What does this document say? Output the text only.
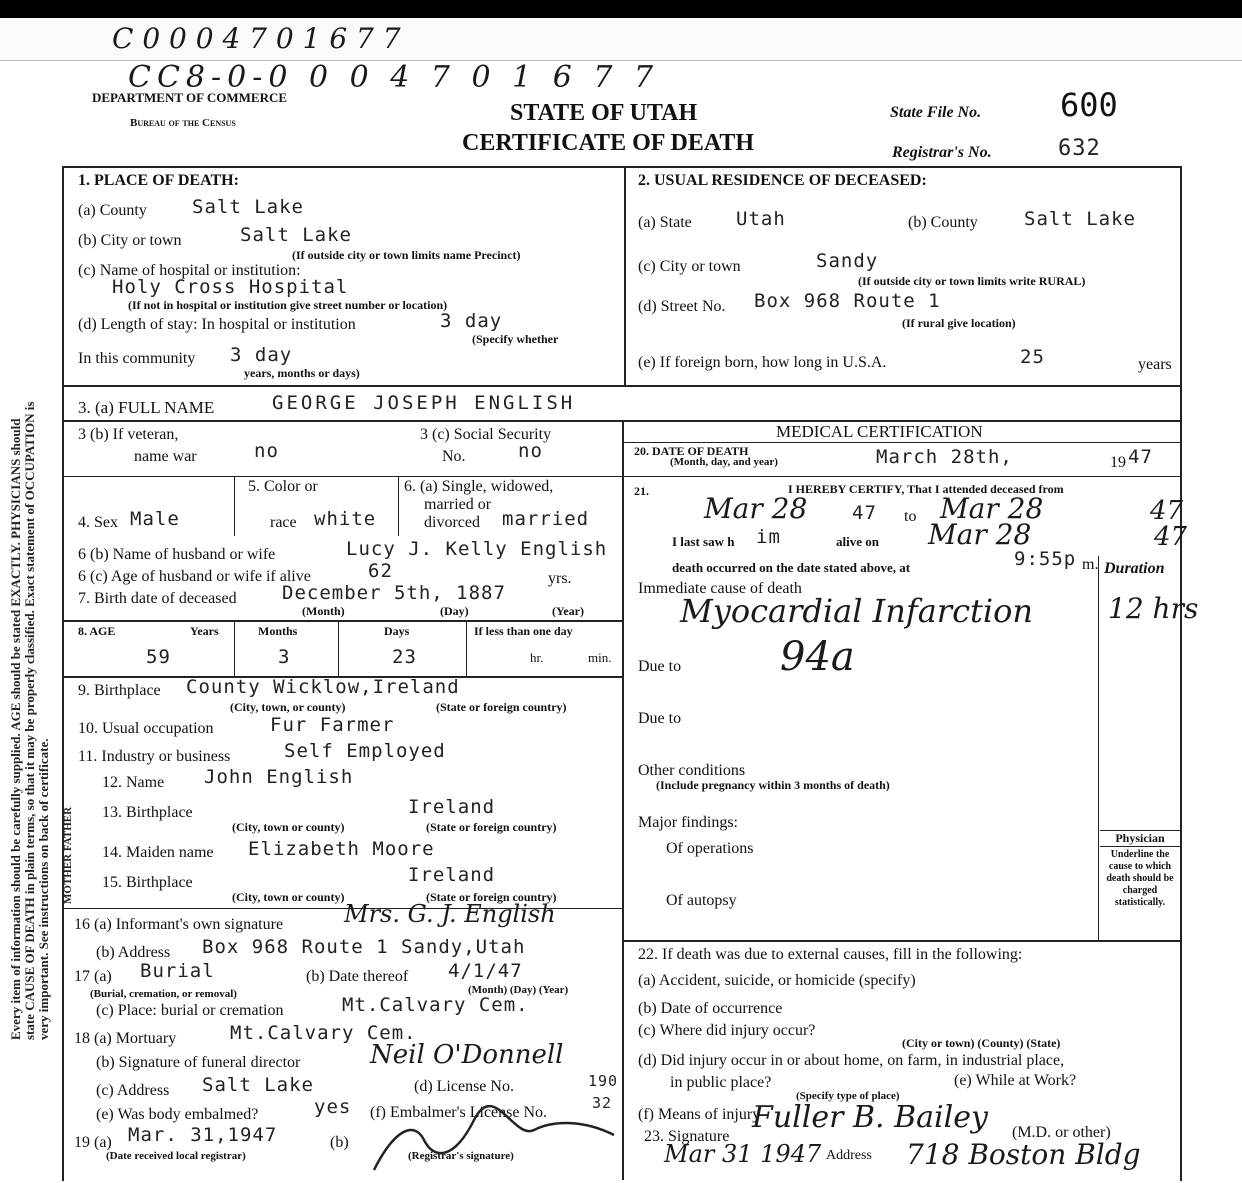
C 0 0 0 4 7 0 1 6 7 7
Every item of information should be carefully supplied. AGE should be stated EXACTLY. PHYSICIANS should state CAUSE OF DEATH in plain terms, so that it may be properly classified. Exact statement of OCCUPATION is very important. See instructions on back of certificate.
CC8-0-0 0 0 4 7 0 1 6 7 7
DEPARTMENT OF COMMERCE
Bureau of the Census	STATE OF UTAH
CERTIFICATE OF DEATH
State File No. 600
Registrar's No.	632
1. PLACE OF DEATH:
(a) County Salt Lake
(b) City or town	Salt Lake
(If outside city or town limits name Precinct)
(c) Name of hospital or institution:
Holy Cross Hospital
(If not in hospital or institution give street number or location)
(d) Length of stay: In hospital or institution	3 day
(Specify whether
In this community 3 day
years, months or days)
2. USUAL RESIDENCE OF DECEASED:
(a) State Utah	(b) County Salt Lake
(c) City or town	Sandy
(If outside city or town limits write RURAL)
(d) Street No. Box 968 Route 1
(If rural give location)
(e) If foreign born, how long in U.S.A.	25	years
3. (a) FULL NAME	GEORGE JOSEPH ENGLISH
3 (b) If veteran,
name war	no
3 (c) Social Security
No.	no
MEDICAL CERTIFICATION
20. DATE OF DEATH
(Month, day, and year)	March 28th,	19 47
4. Sex Male
5. Color or
race white
6. (a) Single, widowed,
married or
divorced married
21.	I HEREBY CERTIFY, That I attended deceased from
Mar 28 47 to Mar 28	47
I last saw h im	alive on Mar 28	47
death occurred on the date stated above, at	9:55p m. Duration
Immediate cause of death
Myocardial Infarction	12 hrs
Due to 94a
Due to
Other conditions
(Include pregnancy within 3 months of death)
Major findings:
Of operations
Of autopsy
Physician
Underline the cause to which death should be charged statistically.
6 (b) Name of husband or wife	Lucy J. Kelly English
6 (c) Age of husband or wife if alive	62	yrs.
7. Birth date of deceased December 5th, 1887
(Month)	(Day)	(Year)
8. AGE	Years	Months	Days	If less than one day
59	3	23	hr.	min.
9. Birthplace County Wicklow,Ireland
(City, town, or county)	(State or foreign country)
10. Usual occupation	Fur Farmer
11. Industry or business	Self Employed
MOTHER FATHER
12. Name John English
13. Birthplace	Ireland
(City, town or county)	(State or foreign country)
14. Maiden name Elizabeth Moore
15. Birthplace	Ireland
(City, town or county)	(State or foreign country)
16 (a) Informant's own signature	Mrs. G. J. English
(b) Address Box 968 Route 1 Sandy,Utah
17 (a) Burial
(Burial, cremation, or removal)
(b) Date thereof 4/1/47
(Month) (Day) (Year)
(c) Place: burial or cremation	Mt.Calvary Cem.
18 (a) Mortuary	Mt.Calvary Cem.
(b) Signature of funeral director	Neil O'Donnell
(c) Address Salt Lake	(d) License No.	190
(e) Was body embalmed?	yes (f) Embalmer's License No.
32
19 (a) Mar. 31,1947
(Date received local registrar)
(b)
(Registrar's signature)
22. If death was due to external causes, fill in the following:
(a) Accident, suicide, or homicide (specify)
(b) Date of occurrence
(c) Where did injury occur?
(City or town) (County) (State)
(d) Did injury occur in or about home, on farm, in industrial place,
in public place?	(e) While at Work?
(Specify type of place)
(f) Means of injury
23. Signature
Fuller B. Bailey (M.D. or other)
Mar 31 1947 Address 718 Boston Bldg
